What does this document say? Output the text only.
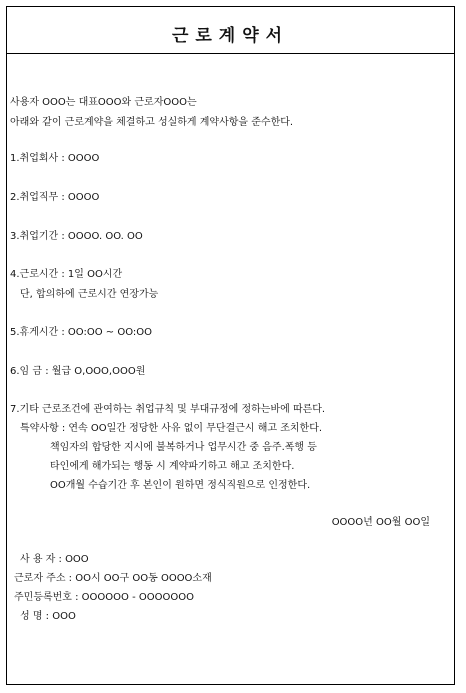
근로계약서
사용자 OOO는 대표OOO와 근로자OOO는
아래와 같이 근로계약을 체결하고 성실하게 계약사항을 준수한다.
1.취업회사 : OOOO
2.취업직무 : OOOO
3.취업기간 : OOOO. OO. OO
4.근로시간 : 1일 OO시간
단, 합의하에 근로시간 연장가능
5.휴게시간 : OO:OO ~ OO:OO
6.임 금 : 월급 O,OOO,OOO원
7.기타 근로조건에 관여하는 취업규칙 및 부대규정에 정하는바에 따른다.
특약사항 : 연속 OO일간 정당한 사유 없이 무단결근시 해고 조치한다.
책임자의 합당한 지시에 불복하거나 업무시간 중 음주.폭행 등
타인에게 해가되는 행동 시 계약파기하고 해고 조치한다.
OO개월 수습기간 후 본인이 원하면 정식직원으로 인정한다.
OOOO년 OO월 OO일
사 용 자 : OOO
근로자 주소 : OO시 OO구 OO동 OOOO소재
주민등록번호 : OOOOOO - OOOOOOO
성 명 : OOO
